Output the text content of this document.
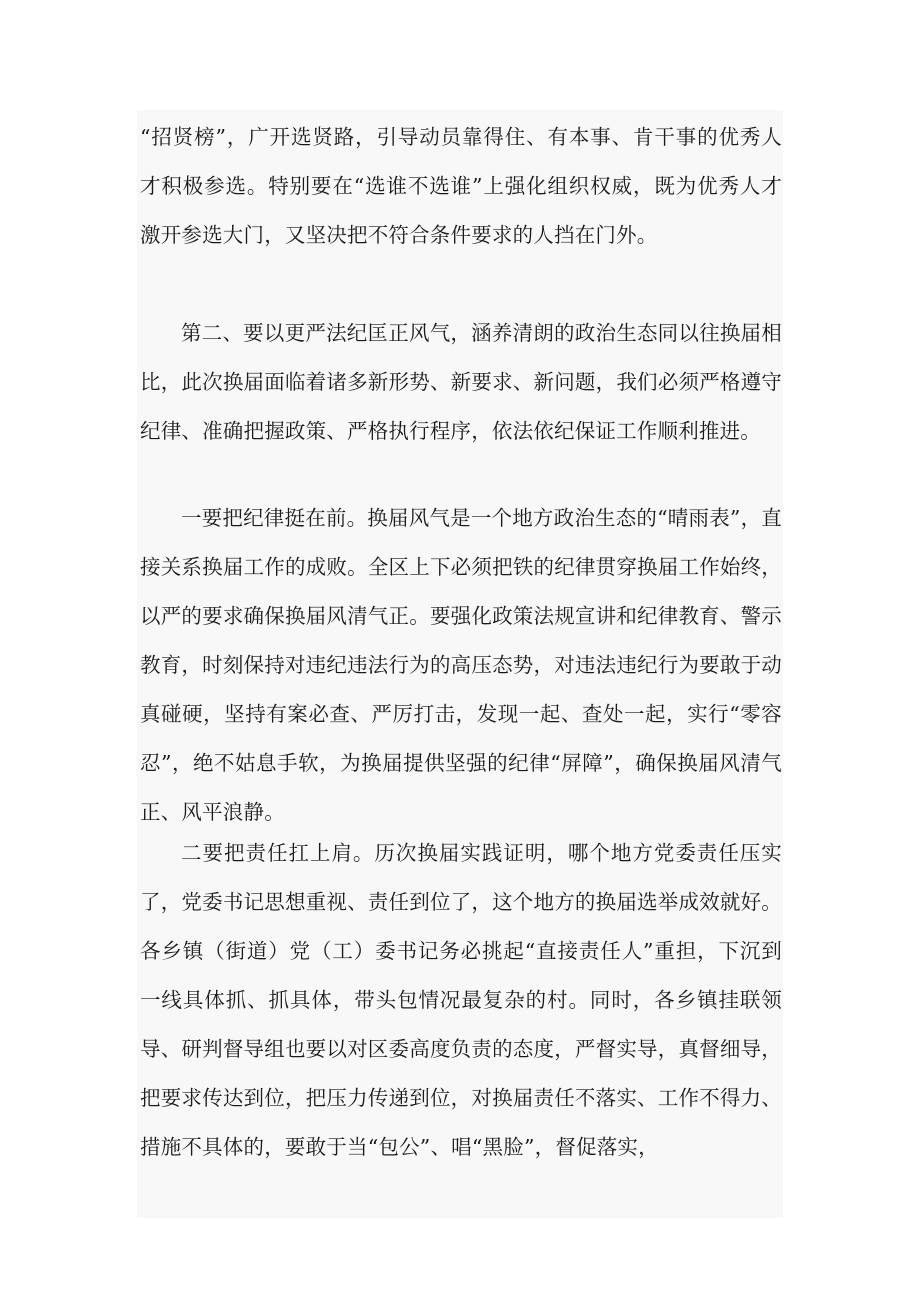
“招贤榜”，广开选贤路，引导动员靠得住、有本事、肯干事的优秀人才积极参选。特别要在“选谁不选谁”上强化组织权威，既为优秀人才激开参选大门，又坚决把不符合条件要求的人挡在门外。

第二、要以更严法纪匡正风气，涵养清朗的政治生态同以往换届相比，此次换届面临着诸多新形势、新要求、新问题，我们必须严格遵守纪律、准确把握政策、严格执行程序，依法依纪保证工作顺利推进。

一要把纪律挺在前。换届风气是一个地方政治生态的“晴雨表”，直接关系换届工作的成败。全区上下必须把铁的纪律贯穿换届工作始终，以严的要求确保换届风清气正。要强化政策法规宣讲和纪律教育、警示教育，时刻保持对违纪违法行为的高压态势，对违法违纪行为要敢于动真碰硬，坚持有案必查、严厉打击，发现一起、查处一起，实行“零容忍”，绝不姑息手软，为换届提供坚强的纪律“屏障”，确保换届风清气正、风平浪静。

二要把责任扛上肩。历次换届实践证明，哪个地方党委责任压实了，党委书记思想重视、责任到位了，这个地方的换届选举成效就好。各乡镇（街道）党（工）委书记务必挑起“直接责任人”重担，下沉到一线具体抓、抓具体，带头包情况最复杂的村。同时，各乡镇挂联领导、研判督导组也要以对区委高度负责的态度，严督实导，真督细导，把要求传达到位，把压力传递到位，对换届责任不落实、工作不得力、措施不具体的，要敢于当“包公”、唱“黑脸”，督促落实，
